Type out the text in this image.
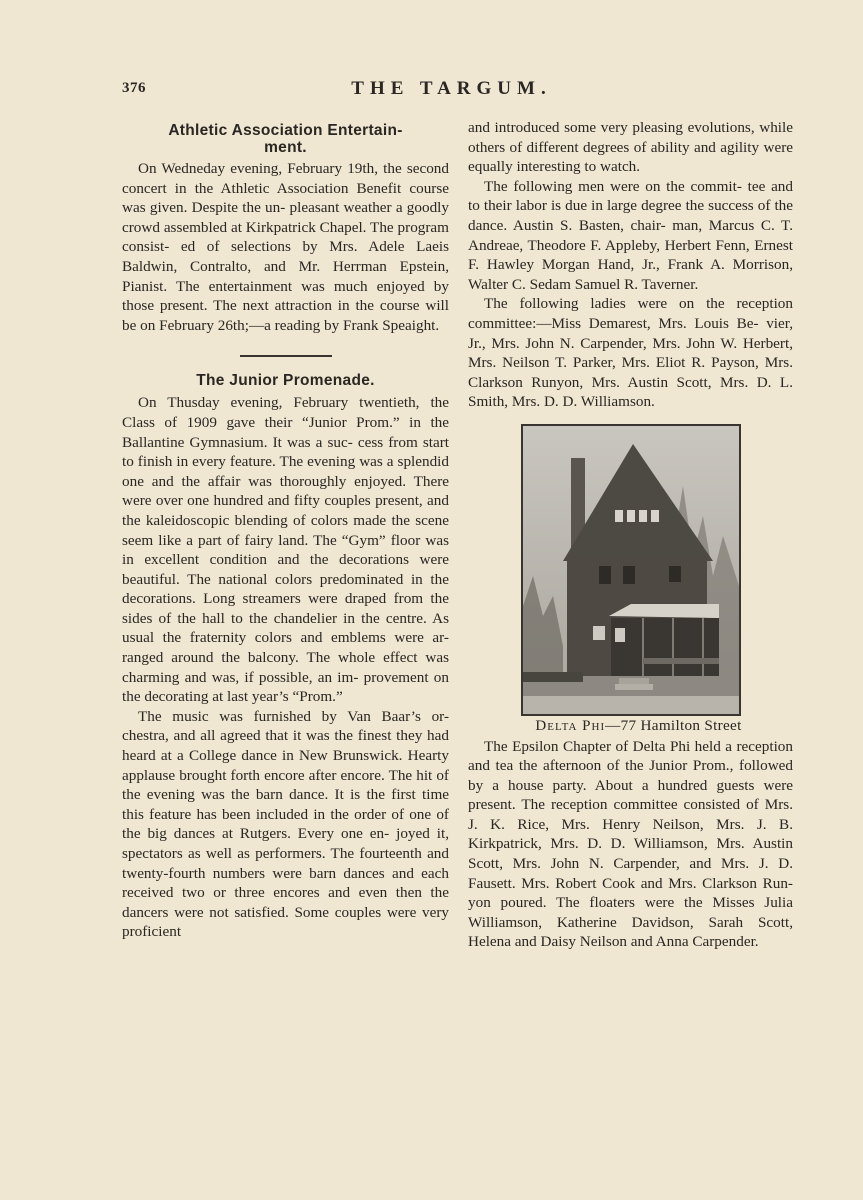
376	THE TARGUM.
Athletic Association Entertain-
ment.

On Wedneday evening, February 19th, the second concert in the Athletic Association Benefit course was given. Despite the un- pleasant weather a goodly crowd assembled at Kirkpatrick Chapel. The program consist- ed of selections by Mrs. Adele Laeis Baldwin, Contralto, and Mr. Herrman Epstein, Pianist. The entertainment was much enjoyed by those present. The next attraction in the course will be on February 26th;—a reading by Frank Speaight.

The Junior Promenade.

On Thusday evening, February twentieth, the Class of 1909 gave their “Junior Prom.” in the Ballantine Gymnasium. It was a suc- cess from start to finish in every feature. The evening was a splendid one and the affair was thoroughly enjoyed. There were over one hundred and fifty couples present, and the kaleidoscopic blending of colors made the scene seem like a part of fairy land. The “Gym” floor was in excellent condition and the decorations were beautiful. The national colors predominated in the decorations. Long streamers were draped from the sides of the hall to the chandelier in the centre. As usual the fraternity colors and emblems were ar- ranged around the balcony. The whole effect was charming and was, if possible, an im- provement on the decorating at last year’s “Prom.”

The music was furnished by Van Baar’s or- chestra, and all agreed that it was the finest they had heard at a College dance in New Brunswick. Hearty applause brought forth encore after encore. The hit of the evening was the barn dance. It is the first time this feature has been included in the order of one of the big dances at Rutgers. Every one en- joyed it, spectators as well as performers. The fourteenth and twenty-fourth numbers were barn dances and each received two or three encores and even then the dancers were not satisfied. Some couples were very proficient

and introduced some very pleasing evolutions, while others of different degrees of ability and agility were equally interesting to watch.

The following men were on the commit- tee and to their labor is due in large degree the success of the dance. Austin S. Basten, chair- man, Marcus C. T. Andreae, Theodore F. Appleby, Herbert Fenn, Ernest F. Hawley Morgan Hand, Jr., Frank A. Morrison, Walter C. Sedam Samuel R. Taverner.

The following ladies were on the reception committee:—Miss Demarest, Mrs. Louis Be- vier, Jr., Mrs. John N. Carpender, Mrs. John W. Herbert, Mrs. Neilson T. Parker, Mrs. Eliot R. Payson, Mrs. Clarkson Runyon, Mrs. Austin Scott, Mrs. D. L. Smith, Mrs. D. D. Williamson.

Delta Phi—77 Hamilton Street

The Epsilon Chapter of Delta Phi held a reception and tea the afternoon of the Junior Prom., followed by a house party. About a hundred guests were present. The reception committee consisted of Mrs. J. K. Rice, Mrs. Henry Neilson, Mrs. J. B. Kirkpatrick, Mrs. D. D. Williamson, Mrs. Austin Scott, Mrs. John N. Carpender, and Mrs. J. D. Fausett. Mrs. Robert Cook and Mrs. Clarkson Run- yon poured. The floaters were the Misses Julia Williamson, Katherine Davidson, Sarah Scott, Helena and Daisy Neilson and Anna Carpender.
